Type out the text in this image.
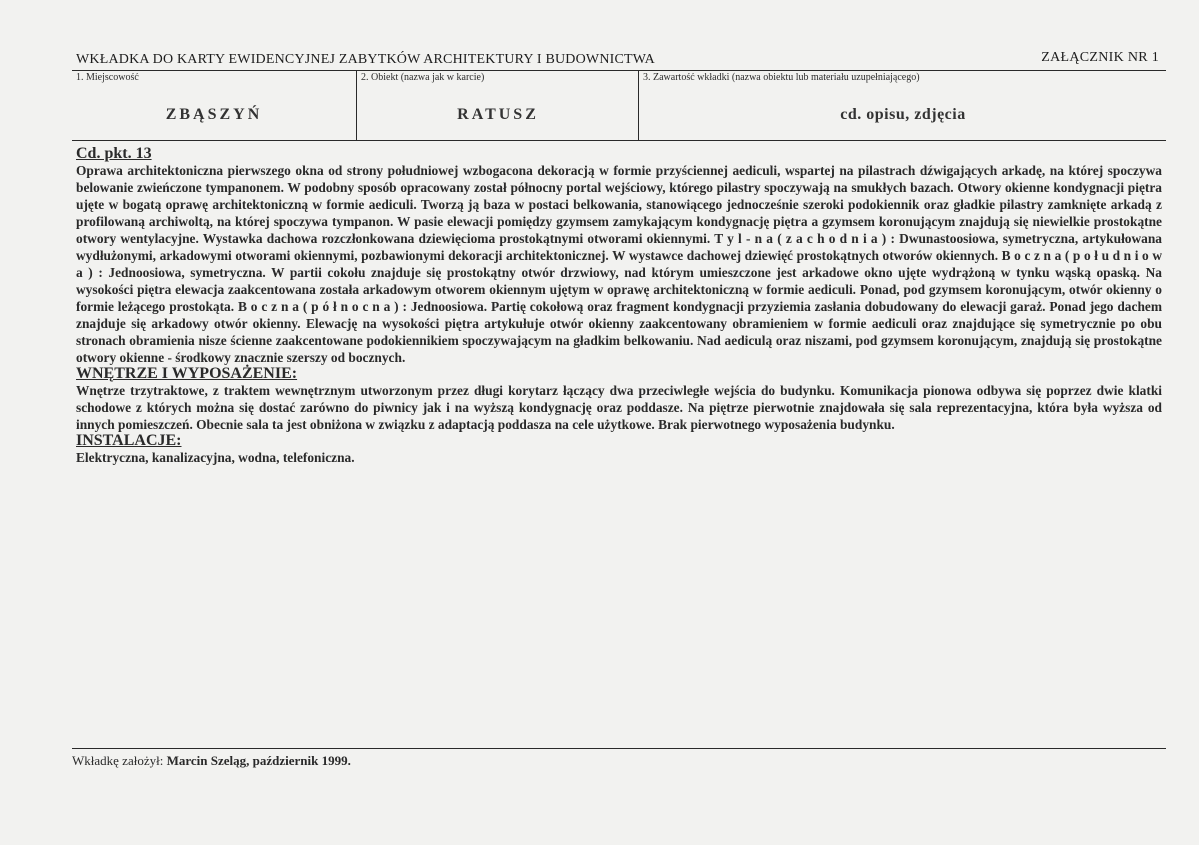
WKŁADKA DO KARTY EWIDENCYJNEJ ZABYTKÓW ARCHITEKTURY I BUDOWNICTWA	ZAŁĄCZNIK NR 1
1. Miejscowość
ZBĄSZYŃ
2. Obiekt (nazwa jak w karcie)
RATUSZ
3. Zawartość wkładki (nazwa obiektu lub materiału uzupełniającego)
cd. opisu, zdjęcia
Cd. pkt. 13

Oprawa architektoniczna pierwszego okna od strony południowej wzbogacona dekoracją w formie przyściennej aediculi, wspartej na pilastrach dźwigających arkadę, na której spoczywa belowanie zwieńczone tympanonem. W podobny sposób opracowany został północny portal wejściowy, którego pilastry spoczywają na smukłych bazach. Otwory okienne kondygnacji piętra ujęte w bogatą oprawę architektoniczną w formie aediculi. Tworzą ją baza w postaci belkowania, stanowiącego jednocześnie szeroki podokiennik oraz gładkie pilastry zamknięte arkadą z profilowaną archiwoltą, na której spoczywa tympanon. W pasie elewacji pomiędzy gzymsem zamykającym kondygnację piętra a gzymsem koronującym znajdują się niewielkie prostokątne otwory wentylacyjne. Wystawka dachowa rozczłonkowana dziewięcioma prostokątnymi otworami okiennymi. T y l - n a ( z a c h o d n i a ) : Dwunastoosiowa, symetryczna, artykułowana wydłużonymi, arkadowymi otworami okiennymi, pozbawionymi dekoracji architektonicznej. W wystawce dachowej dziewięć prostokątnych otworów okiennych. B o c z n a ( p o ł u d n i o w a ) : Jednoosiowa, symetryczna. W partii cokołu znajduje się prostokątny otwór drzwiowy, nad którym umieszczone jest arkadowe okno ujęte wydrążoną w tynku wąską opaską. Na wysokości piętra elewacja zaakcentowana została arkadowym otworem okiennym ujętym w oprawę architektoniczną w formie aediculi. Ponad, pod gzymsem koronującym, otwór okienny o formie leżącego prostokąta. B o c z n a ( p ó ł n o c n a ) : Jednoosiowa. Partię cokołową oraz fragment kondygnacji przyziemia zasłania dobudowany do elewacji garaż. Ponad jego dachem znajduje się arkadowy otwór okienny. Elewację na wysokości piętra artykułuje otwór okienny zaakcentowany obramieniem w formie aediculi oraz znajdujące się symetrycznie po obu stronach obramienia nisze ścienne zaakcentowane podokiennikiem spoczywającym na gładkim belkowaniu. Nad aediculą oraz niszami, pod gzymsem koronującym, znajdują się prostokątne otwory okienne - środkowy znacznie szerszy od bocznych.

WNĘTRZE I WYPOSAŻENIE:

Wnętrze trzytraktowe, z traktem wewnętrznym utworzonym przez długi korytarz łączący dwa przeciwległe wejścia do budynku. Komunikacja pionowa odbywa się poprzez dwie klatki schodowe z których można się dostać zarówno do piwnicy jak i na wyższą kondygnację oraz poddasze. Na piętrze pierwotnie znajdowała się sala reprezentacyjna, która była wyższa od innych pomieszczeń. Obecnie sala ta jest obniżona w związku z adaptacją poddasza na cele użytkowe. Brak pierwotnego wyposażenia budynku.

INSTALACJE:

Elektryczna, kanalizacyjna, wodna, telefoniczna.

Wkładkę założył: Marcin Szeląg, październik 1999.
